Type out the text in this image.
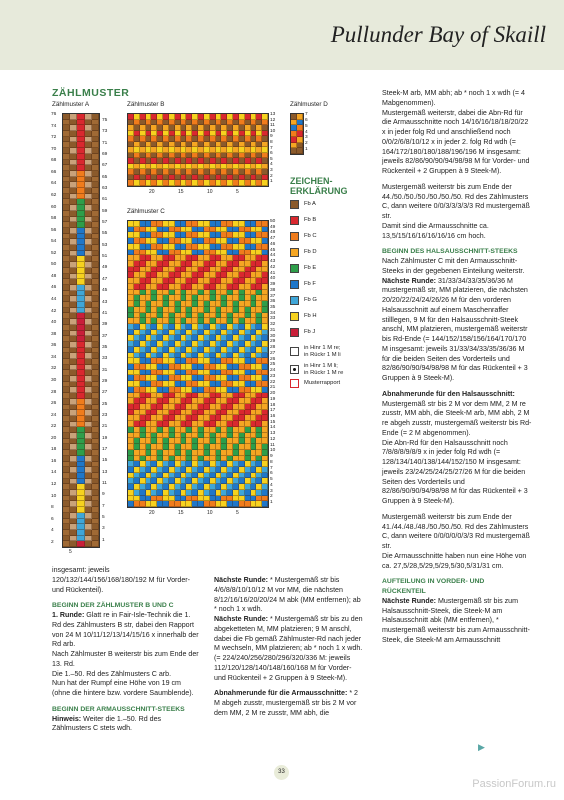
Pullunder Bay of Skaill
ZÄHLMUSTER
Zählmuster A	Zählmuster B	Zählmuster D
Zählmuster C
76
74
72
70
68
66
64
62
60
58
56
54
52
50
48
46
44
42
40
38
36
34
32
30
28
26
24
22
20
18
16
14
12
10
8
6
4
2
75
73
71
69
67
65
63
61
59
57
55
53
51
49
47
45
43
41
39
37
35
33
31
29
27
25
23
21
19
17
15
13
11
9
7
5
3
1
5
13
12
11
10
9
8
7
6
5
4
3
2
1
20	15	10	5
7
6
5
4
3
2
1
50
49
48
47
46
45
44
43
42
41
40
39
38
37
36
35
34
33
32
31
30
29
28
27
26
25
24
23
22
21
20
19
18
17
16
15
14
13
12
11
10
9
8
7
6
5
4
3
2
1
20	15	10	5
ZEICHEN-
ERKLÄRUNG
Fb A
Fb B
Fb C
Fb D
Fb E
Fb F
Fb G
Fb H
Fb J
in Hinr 1 M re;
in Rückr 1 M li
in Hinr 1 M li;
in Rückr 1 M re
Musterrapport

insgesamt: jeweils 120/132/144/156/168/180/192 M für Vorder- und Rückenteil).

BEGINN DER ZÄHLMUSTER B UND C

1. Runde: Glatt re in Fair-Isle-Technik die 1. Rd des Zählmusters B str, dabei den Rapport von 24 M 10/11/12/13/14/15/16 x innerhalb der Rd arb.

Nach Zählmuster B weiterstr bis zum Ende der 13. Rd.

Die 1.–50. Rd des Zählmusters C arb.

Nun hat der Rumpf eine Höhe von 19 cm (ohne die hintere bzw. vordere Saumblende).

BEGINN DER ARMAUSSCHNITT-STEEKS

Hinweis: Weiter die 1.–50. Rd des Zählmusters C stets wdh.

Nächste Runde: * Mustergemäß str bis 4/6/8/8/10/10/12 M vor MM, die nächsten 8/12/16/16/20/20/24 M abk (MM entfernen); ab * noch 1 x wdh.

Nächste Runde: * Mustergemäß str bis zu den abgeketteten M, MM platzieren; 9 M anschl, dabei die Fb gemäß Zählmuster-Rd nach jeder M wechseln, MM platzieren; ab * noch 1 x wdh. (= 224/240/256/280/296/320/336 M: jeweils 112/120/128/140/148/160/168 M für Vorder- und Rückenteil + 2 Gruppen à 9 Steek-M).

Abnahmerunde für die Armausschnitte: * 2 M abgeh zusstr, mustergemäß str bis 2 M vor dem MM, 2 M re zusstr, MM abh, die

Steek-M arb, MM abh; ab * noch 1 x wdh (= 4 Mabgenommen).

Mustergemäß weiterstr, dabei die Abn-Rd für die Armausschnitte noch 14/16/16/18/18/20/22 x in jeder folg Rd und anschließend noch 0/0/2/6/8/10/12 x in jeder 2. folg Rd wdh (= 164/172/180/180/188/196/196 M insgesamt: jeweils 82/86/90/90/94/98/98 M für Vorder- und Rückenteil + 2 Gruppen à 9 Steek-M).

Mustergemäß weiterstr bis zum Ende der 44./50./50./50./50./50./50. Rd des Zählmusters C, dann weitere 0/0/3/3/3/3/3 Rd mustergemäß str.

Damit sind die Armausschnitte ca. 13,5/15/16/16/16/16/16 cm hoch.

BEGINN DES HALSAUSSCHNITT-STEEKS

Nach Zählmuster C mit den Armausschnitt-Steeks in der gegebenen Einteilung weiterstr.

Nächste Runde: 31/33/34/33/35/36/36 M mustergemäß str, MM platzieren, die nächsten 20/20/22/24/24/26/26 M für den vorderen Halsausschnitt auf einem Maschenraffer stilllegen, 9 M für den Halsausschnitt-Steek anschl, MM platzieren, mustergemäß weiterstr bis Rd-Ende (= 144/152/158/156/164/170/170 M insgesamt: jeweils 31/33/34/33/35/36/36 M für die beiden Seiten des Vorderteils und 82/86/90/90/94/98/98 M für das Rückenteil + 3 Gruppen à 9 Steek-M).

Abnahmerunde für den Halsausschnitt: Mustergemäß str bis 2 M vor dem MM, 2 M re zusstr, MM abh, die Steek-M arb, MM abh, 2 M re abgeh zusstr, mustergemäß weiterstr bis Rd-Ende (= 2 M abgenommen).

Die Abn-Rd für den Halsausschnitt noch 7/8/8/8/9/8/9 x in jeder folg Rd wdh (= 128/134/140/138/144/152/150 M insgesamt: jeweils 23/24/25/24/25/27/26 M für die beiden Seiten des Vorderteils und 82/86/90/90/94/98/98 M für das Rückenteil + 3 Gruppen à 9 Steek-M).

Mustergemäß weiterstr bis zum Ende der 41./44./48./48./50./50./50. Rd des Zählmusters C, dann weitere 0/0/0/0/0/3/3 Rd mustergemäß str.

Die Armausschnitte haben nun eine Höhe von ca. 27,5/28,5/29,5/29,5/30,5/31/31 cm.

AUFTEILUNG IN VORDER- UND
RÜCKENTEIL

Nächste Runde: Mustergemäß str bis zum Halsausschnitt-Steek, die Steek-M am Halsausschnitt abk (MM entfernen), * mustergemäß weiterstr bis zum Armausschnitt-Steek, die Steek-M am Armausschnitt

▶
33
PassionForum.ru
